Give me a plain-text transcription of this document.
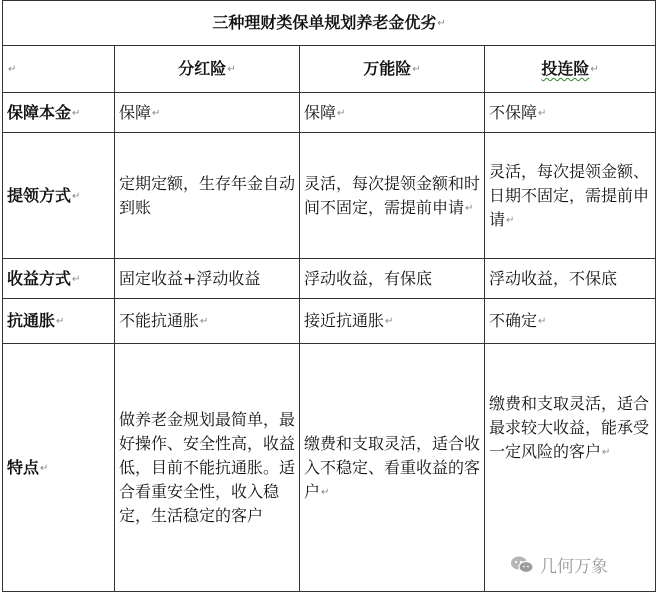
三种理财类保单规划养老金优劣↵			
↵	分红险↵	万能险↵	投连险↵
保障本金↵	保障↵	保障↵	不保障↵
提领方式↵	定期定额，生存年金自动到账	灵活，每次提领金额和时间不固定，需提前申请↵	灵活，每次提领金额、日期不固定，需提前申请↵
收益方式↵	固定收益+浮动收益	浮动收益，有保底	浮动收益，不保底
抗通胀↵	不能抗通胀↵	接近抗通胀↵	不确定↵
特点↵	做养老金规划最简单，最好操作、安全性高，收益低，目前不能抗通胀。适合看重安全性，收入稳定，生活稳定的客户	缴费和支取灵活，适合收入不稳定、看重收益的客户↵	缴费和支取灵活，适合最求较大收益，能承受一定风险的客户↵
几何万象
